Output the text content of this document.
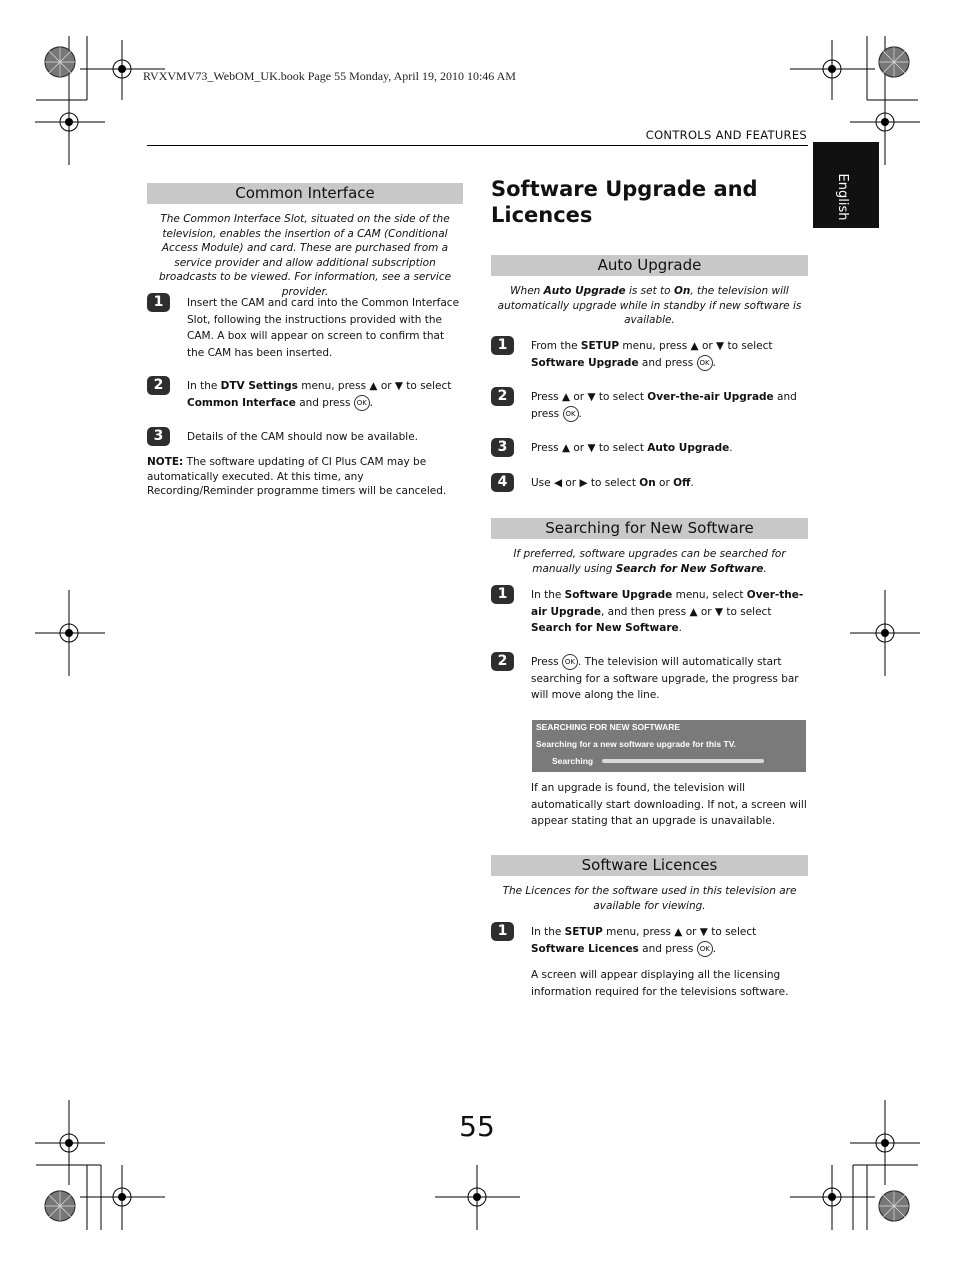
RVXVMV73_WebOM_UK.book Page 55 Monday, April 19, 2010 10:46 AM
CONTROLS AND FEATURES
English
Common Interface
The Common Interface Slot, situated on the side of the television, enables the insertion of a CAM (Conditional Access Module) and card. These are purchased from a service provider and allow additional subscription broadcasts to be viewed. For information, see a service provider.
1	Insert the CAM and card into the Common Interface Slot, following the instructions provided with the CAM. A box will appear on screen to confirm that the CAM has been inserted.
2	In the DTV Settings menu, press ▲ or ▼ to select Common Interface and press OK .
3	Details of the CAM should now be available.
NOTE: The software updating of CI Plus CAM may be automatically executed. At this time, any Recording/Reminder programme timers will be canceled.
Software Upgrade and Licences
Auto Upgrade
When Auto Upgrade is set to On, the television will automatically upgrade while in standby if new software is available.
1	From the SETUP menu, press ▲ or ▼ to select Software Upgrade and press OK .
2	Press ▲ or ▼ to select Over-the-air Upgrade and press OK .
3	Press ▲ or ▼ to select Auto Upgrade.
4	Use ◀ or ▶ to select On or Off.
Searching for New Software
If preferred, software upgrades can be searched for manually using Search for New Software.
1	In the Software Upgrade menu, select Over-the-air Upgrade, and then press ▲ or ▼ to select Search for New Software.
2	Press OK . The television will automatically start searching for a software upgrade, the progress bar will move along the line.
SEARCHING FOR NEW SOFTWARE
Searching for a new software upgrade for this TV.
Searching
If an upgrade is found, the television will automatically start downloading. If not, a screen will appear stating that an upgrade is unavailable.
Software Licences
The Licences for the software used in this television are available for viewing.
1	In the SETUP menu, press ▲ or ▼ to select Software Licences and press OK .
A screen will appear displaying all the licensing information required for the televisions software.
55
